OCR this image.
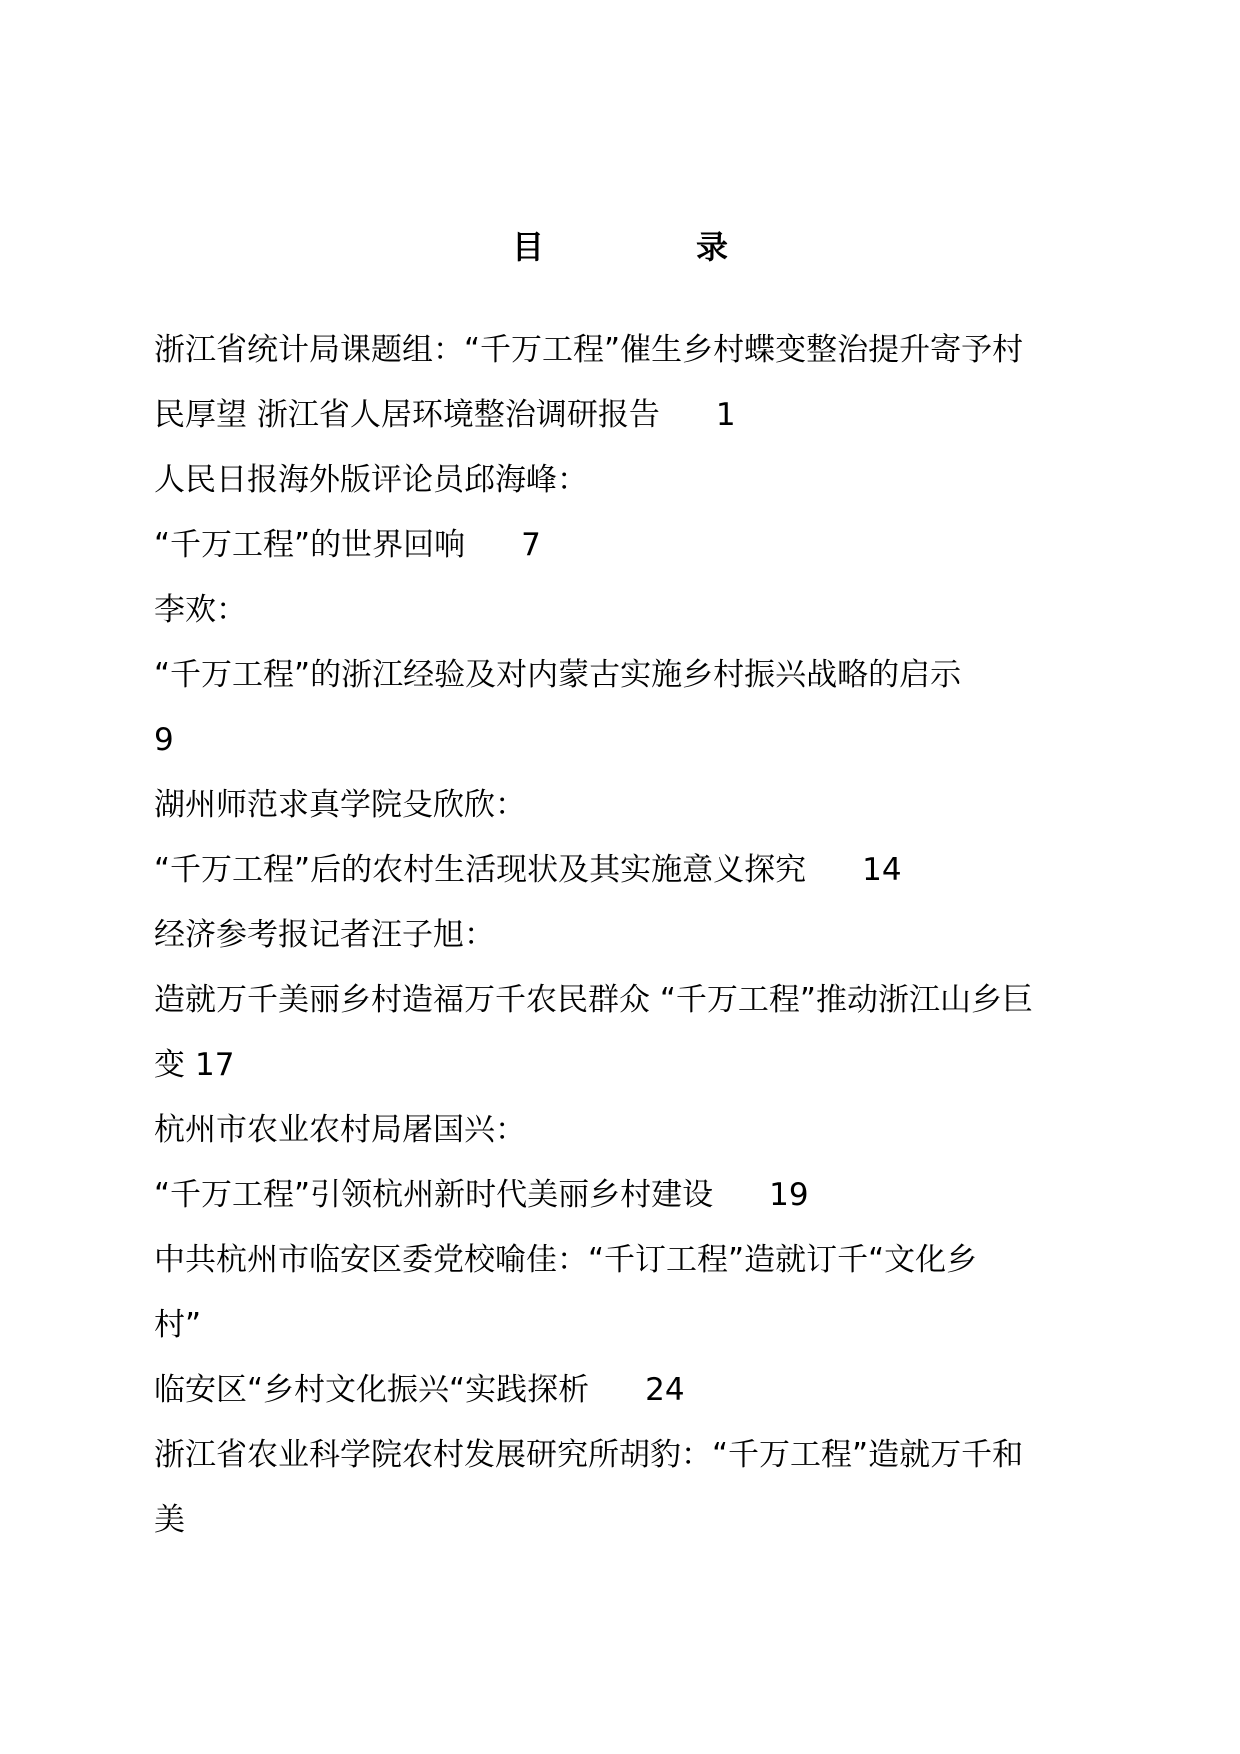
目　录
浙江省统计局课题组：“千万工程”催生乡村蝶变整治提升寄予村
民厚望 浙江省人居环境整治调研报告 1
人民日报海外版评论员邱海峰：
“千万工程”的世界回响 7
李欢：
“千万工程”的浙江经验及对内蒙古实施乡村振兴战略的启示
9
湖州师范求真学院殳欣欣：
“千万工程”后的农村生活现状及其实施意义探究 14
经济参考报记者汪子旭：
造就万千美丽乡村造福万千农民群众 “千万工程”推动浙江山乡巨
变 17
杭州市农业农村局屠国兴：
“千万工程”引领杭州新时代美丽乡村建设 19
中共杭州市临安区委党校喻佳：“千订工程”造就订千“文化乡
村”
临安区“乡村文化振兴“实践探析 24
浙江省农业科学院农村发展研究所胡豹：“千万工程”造就万千和
美
